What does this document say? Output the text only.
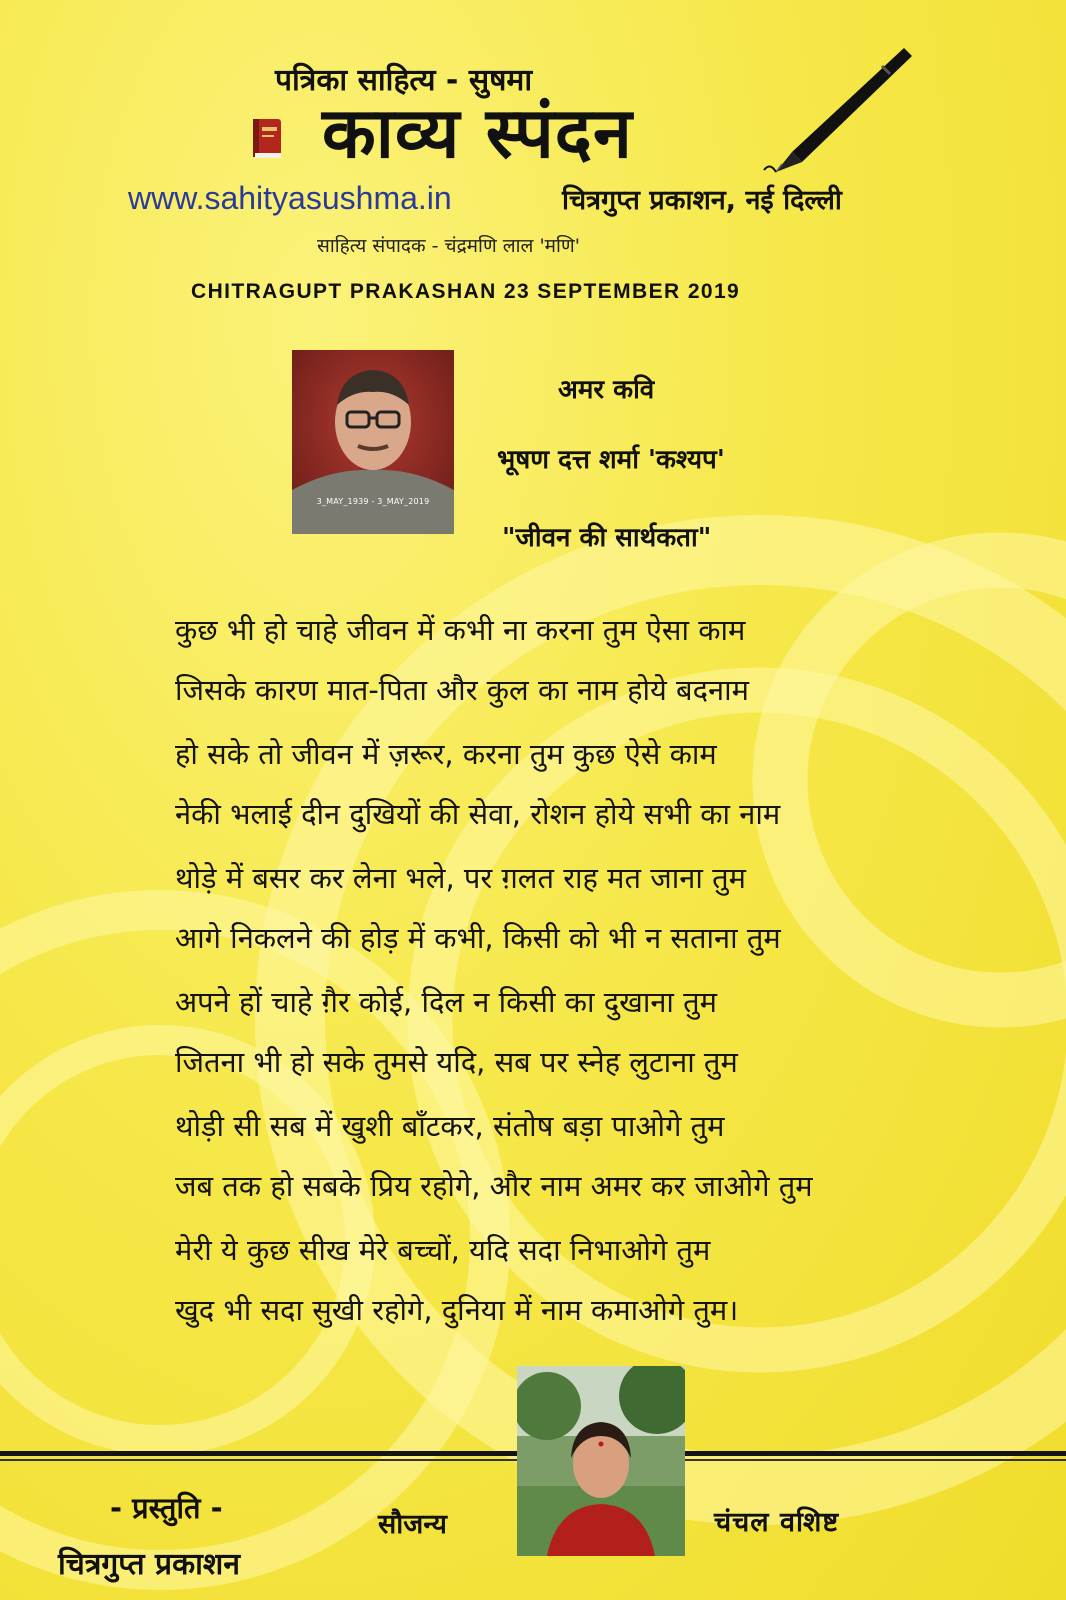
पत्रिका साहित्य - सुषमा
काव्य स्पंदन
www.sahityasushma.in	चित्रगुप्त प्रकाशन, नई दिल्ली
साहित्य संपादक - चंद्रमणि लाल 'मणि'
CHITRAGUPT PRAKASHAN 23 SEPTEMBER 2019
3_MAY_1939 - 3_MAY_2019
अमर कवि
भूषण दत्त शर्मा 'कश्यप'
"जीवन की सार्थकता"
कुछ भी हो चाहे जीवन में कभी ना करना तुम ऐसा काम
जिसके कारण मात-पिता और कुल का नाम होये बदनाम
हो सके तो जीवन में ज़रूर, करना तुम कुछ ऐसे काम
नेकी भलाई दीन दुखियों की सेवा, रोशन होये सभी का नाम
थोड़े में बसर कर लेना भले, पर ग़लत राह मत जाना तुम
आगे निकलने की होड़ में कभी, किसी को भी न सताना तुम
अपने हों चाहे ग़ैर कोई, दिल न किसी का दुखाना तुम
जितना भी हो सके तुमसे यदि, सब पर स्नेह लुटाना तुम
थोड़ी सी सब में खुशी बाँटकर, संतोष बड़ा पाओगे तुम
जब तक हो सबके प्रिय रहोगे, और नाम अमर कर जाओगे तुम
मेरी ये कुछ सीख मेरे बच्चों, यदि सदा निभाओगे तुम
खुद भी सदा सुखी रहोगे, दुनिया में नाम कमाओगे तुम।
- प्रस्तुति -
चित्रगुप्त प्रकाशन
सौजन्य	चंचल वशिष्ट
